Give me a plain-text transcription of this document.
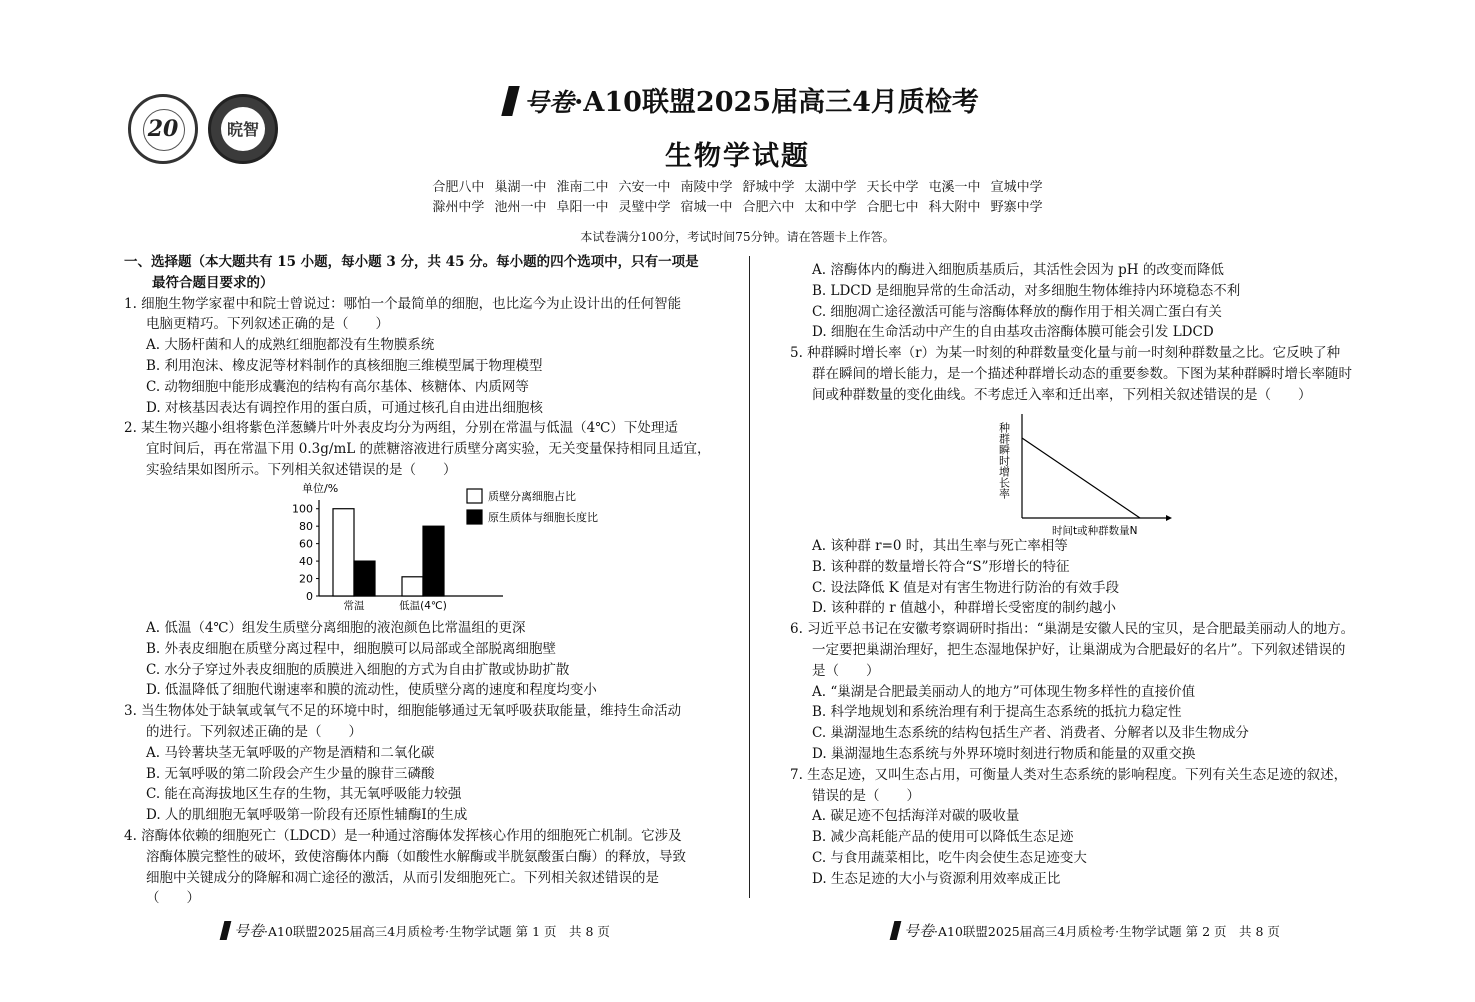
20	晥智
号卷·A10联盟2025届高三4月质检考
生物学试题
合肥八中 巢湖一中 淮南二中 六安一中 南陵中学 舒城中学 太湖中学 天长中学 屯溪一中 宣城中学
滁州中学 池州一中 阜阳一中 灵璧中学 宿城一中 合肥六中 太和中学 合肥七中 科大附中 野寨中学
本试卷满分100分，考试时间75分钟。请在答题卡上作答。
一、选择题（本大题共有 15 小题，每小题 3 分，共 45 分。每小题的四个选项中，只有一项是
最符合题目要求的）
1. 细胞生物学家翟中和院士曾说过：哪怕一个最简单的细胞，也比迄今为止设计出的任何智能
电脑更精巧。下列叙述正确的是（　　）
A. 大肠杆菌和人的成熟红细胞都没有生物膜系统
B. 利用泡沫、橡皮泥等材料制作的真核细胞三维模型属于物理模型
C. 动物细胞中能形成囊泡的结构有高尔基体、核糖体、内质网等
D. 对核基因表达有调控作用的蛋白质，可通过核孔自由进出细胞核
2. 某生物兴趣小组将紫色洋葱鳞片叶外表皮均分为两组，分别在常温与低温（4℃）下处理适
宜时间后，再在常温下用 0.3g/mL 的蔗糖溶液进行质壁分离实验，无关变量保持相同且适宜，
实验结果如图所示。下列相关叙述错误的是（　　）
单位/%
0
20
40
60
80
100
常温	低温(4℃)
质壁分离细胞占比
原生质体与细胞长度比
A. 低温（4℃）组发生质壁分离细胞的液泡颜色比常温组的更深
B. 外表皮细胞在质壁分离过程中，细胞膜可以局部或全部脱离细胞壁
C. 水分子穿过外表皮细胞的质膜进入细胞的方式为自由扩散或协助扩散
D. 低温降低了细胞代谢速率和膜的流动性，使质壁分离的速度和程度均变小
3. 当生物体处于缺氧或氧气不足的环境中时，细胞能够通过无氧呼吸获取能量，维持生命活动
的进行。下列叙述正确的是（　　）
A. 马铃薯块茎无氧呼吸的产物是酒精和二氧化碳
B. 无氧呼吸的第二阶段会产生少量的腺苷三磷酸
C. 能在高海拔地区生存的生物，其无氧呼吸能力较强
D. 人的肌细胞无氧呼吸第一阶段有还原性辅酶I的生成
4. 溶酶体依赖的细胞死亡（LDCD）是一种通过溶酶体发挥核心作用的细胞死亡机制。它涉及
溶酶体膜完整性的破坏，致使溶酶体内酶（如酸性水解酶或半胱氨酸蛋白酶）的释放，导致
细胞中关键成分的降解和凋亡途径的激活，从而引发细胞死亡。下列相关叙述错误的是
（　　）
A. 溶酶体内的酶进入细胞质基质后，其活性会因为 pH 的改变而降低
B. LDCD 是细胞异常的生命活动，对多细胞生物体维持内环境稳态不利
C. 细胞凋亡途径激活可能与溶酶体释放的酶作用于相关凋亡蛋白有关
D. 细胞在生命活动中产生的自由基攻击溶酶体膜可能会引发 LDCD
5. 种群瞬时增长率（r）为某一时刻的种群数量变化量与前一时刻种群数量之比。它反映了种
群在瞬间的增长能力，是一个描述种群增长动态的重要参数。下图为某种群瞬时增长率随时
间或种群数量的变化曲线。不考虑迁入率和迁出率，下列相关叙述错误的是（　　）
种群瞬时增长率
时间t或种群数量N
A. 该种群 r=0 时，其出生率与死亡率相等
B. 该种群的数量增长符合“S”形增长的特征
C. 设法降低 K 值是对有害生物进行防治的有效手段
D. 该种群的 r 值越小，种群增长受密度的制约越小
6. 习近平总书记在安徽考察调研时指出：“巢湖是安徽人民的宝贝，是合肥最美丽动人的地方。
一定要把巢湖治理好，把生态湿地保护好，让巢湖成为合肥最好的名片”。下列叙述错误的
是（　　）
A. “巢湖是合肥最美丽动人的地方”可体现生物多样性的直接价值
B. 科学地规划和系统治理有利于提高生态系统的抵抗力稳定性
C. 巢湖湿地生态系统的结构包括生产者、消费者、分解者以及非生物成分
D. 巢湖湿地生态系统与外界环境时刻进行物质和能量的双重交换
7. 生态足迹，又叫生态占用，可衡量人类对生态系统的影响程度。下列有关生态足迹的叙述，
错误的是（　　）
A. 碳足迹不包括海洋对碳的吸收量
B. 减少高耗能产品的使用可以降低生态足迹
C. 与食用蔬菜相比，吃牛肉会使生态足迹变大
D. 生态足迹的大小与资源利用效率成正比
号卷·A10联盟2025届高三4月质检考·生物学试题 第 1 页　共 8 页	号卷·A10联盟2025届高三4月质检考·生物学试题 第 2 页　共 8 页
